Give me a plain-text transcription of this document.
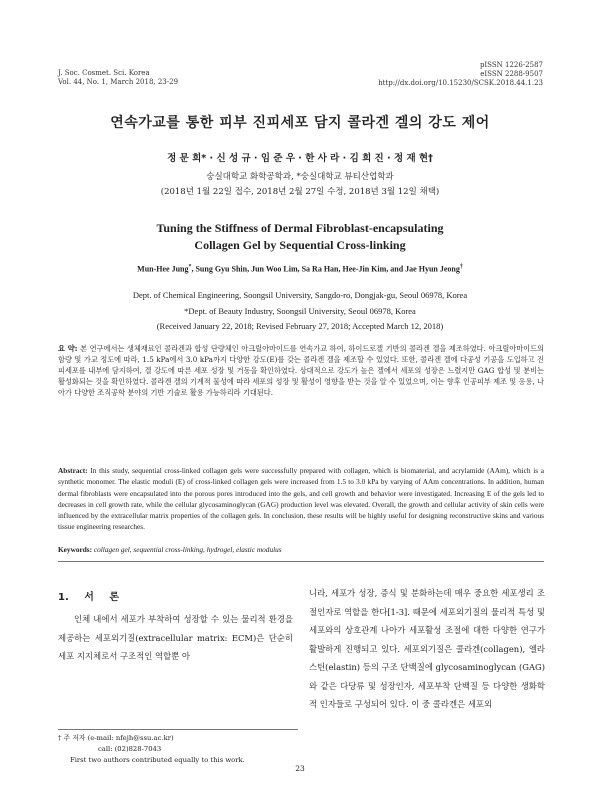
J. Soc. Cosmet. Sci. Korea
Vol. 44, No. 1, March 2018, 23-29
pISSN 1226-2587
eISSN 2288-9507
http://dx.doi.org/10.15230/SCSK.2018.44.1.23
연속가교를 통한 피부 진피세포 담지 콜라겐 겔의 강도 제어
정 문 희* · 신 성 규 · 임 준 우 · 한 사 라 · 김 희 진 · 정 재 현†
숭실대학교 화학공학과, *숭실대학교 뷰티산업학과
(2018년 1월 22일 접수, 2018년 2월 27일 수정, 2018년 3월 12일 채택)
Tuning the Stiffness of Dermal Fibroblast-encapsulating
Collagen Gel by Sequential Cross-linking
Mun-Hee Jung*, Sung Gyu Shin, Jun Woo Lim, Sa Ra Han, Hee-Jin Kim, and Jae Hyun Jeong†
Dept. of Chemical Engineering, Soongsil University, Sangdo-ro, Dongjak-gu, Seoul 06978, Korea
*Dept. of Beauty Industry, Soongsil University, Seoul 06978, Korea
(Received January 22, 2018; Revised February 27, 2018; Accepted March 12, 2018)
요 약: 본 연구에서는 생체재료인 콜라겐과 합성 단량체인 아크릴아마이드를 연속가교 하여, 하이드로겔 기반의 콜라겐 겔을 제조하였다. 아크릴아마이드의 함량 및 가교 정도에 따라, 1.5 kPa에서 3.0 kPa까지 다양한 강도(E)를 갖는 콜라겐 겔을 제조할 수 있었다. 또한, 콜라겐 겔에 다공성 기공을 도입하고 진피세포를 내부에 담지하여, 겔 강도에 따른 세포 성장 및 거동을 확인하였다. 상대적으로 강도가 높은 겔에서 세포의 성장은 느렸지만 GAG 합성 및 분비는 활성화되는 것을 확인하였다. 콜라겐 겔의 기계적 물성에 따라 세포의 성장 및 활성이 영향을 받는 것을 알 수 있었으며, 이는 향후 인공피부 제조 및 응용, 나아가 다양한 조직공학 분야의 기반 기술로 활용 가능하리라 기대된다.
Abstract: In this study, sequential cross-linked collagen gels were successfully prepared with collagen, which is biomaterial, and acrylamide (AAm), which is a synthetic monomer. The elastic moduli (E) of cross-linked collagen gels were increased from 1.5 to 3.0 kPa by varying of AAm concentrations. In addition, human dermal fibroblasts were encapsulated into the porous pores introduced into the gels, and cell growth and behavior were investigated. Increasing E of the gels led to decreases in cell growth rate, while the cellular glycosaminoglycan (GAG) production level was elevated. Overall, the growth and cellular activity of skin cells were influenced by the extracellular matrix properties of the collagen gels. In conclusion, these results will be highly useful for designing reconstructive skins and various tissue engineering researches.
Keywords: collagen gel, sequential cross-linking, hydrogel, elastic modulus
1. 서 론
인체 내에서 세포가 부착하여 성장할 수 있는 물리적 환경을 제공하는 세포외기질(extracellular matrix: ECM)은 단순히 세포 지지체로서 구조적인 역할뿐 아
니라, 세포가 성장, 증식 및 분화하는데 매우 중요한 세포생리 조절인자로 역할을 한다[1-3]. 때문에 세포외기질의 물리적 특성 및 세포와의 상호관계 나아가 세포활성 조절에 대한 다양한 연구가 활발하게 진행되고 있다. 세포외기질은 콜라겐(collagen), 엘라스틴(elastin) 등의 구조 단백질에 glycosaminoglycan (GAG)와 같은 다당류 및 성장인자, 세포부착 단백질 등 다양한 생화학적 인자들로 구성되어 있다. 이 중 콜라겐은 세포외
† 주 저자 (e-mail: nfejh@ssu.ac.kr)
call: (02)828-7043
First two authors contributed equally to this work.
23
